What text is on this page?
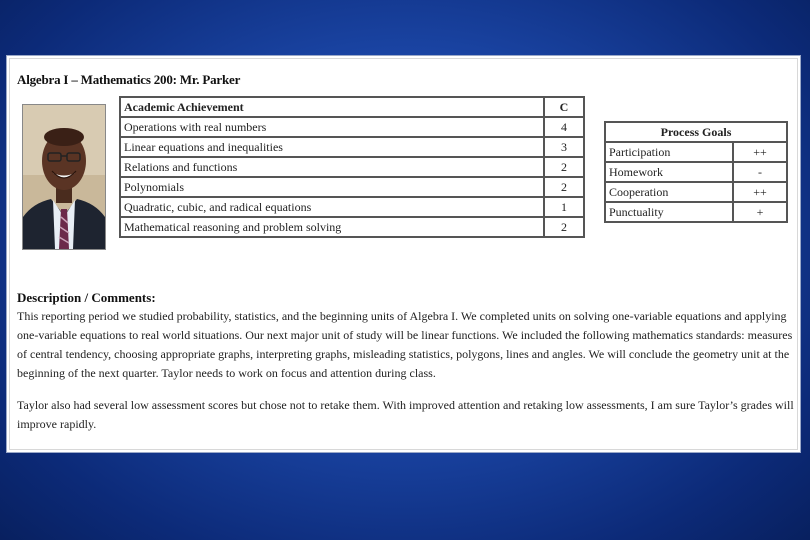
Algebra I – Mathematics 200: Mr. Parker
Academic Achievement	C
Operations with real numbers	4
Linear equations and inequalities	3
Relations and functions	2
Polynomials	2
Quadratic, cubic, and radical equations	1
Mathematical reasoning and problem solving	2
Process Goals	
Participation	++
Homework	-
Cooperation	++
Punctuality	+
Description / Comments:

This reporting period we studied probability, statistics, and the beginning units of Algebra I. We completed units on solving one-variable equations and applying one-variable equations to real world situations. Our next major unit of study will be linear functions. We included the following mathematics standards: measures of central tendency, choosing appropriate graphs, interpreting graphs, misleading statistics, polygons, lines and angles. We will conclude the geometry unit at the beginning of the next quarter. Taylor needs to work on focus and attention during class.

Taylor also had several low assessment scores but chose not to retake them. With improved attention and retaking low assessments, I am sure Taylor’s grades will improve rapidly.
